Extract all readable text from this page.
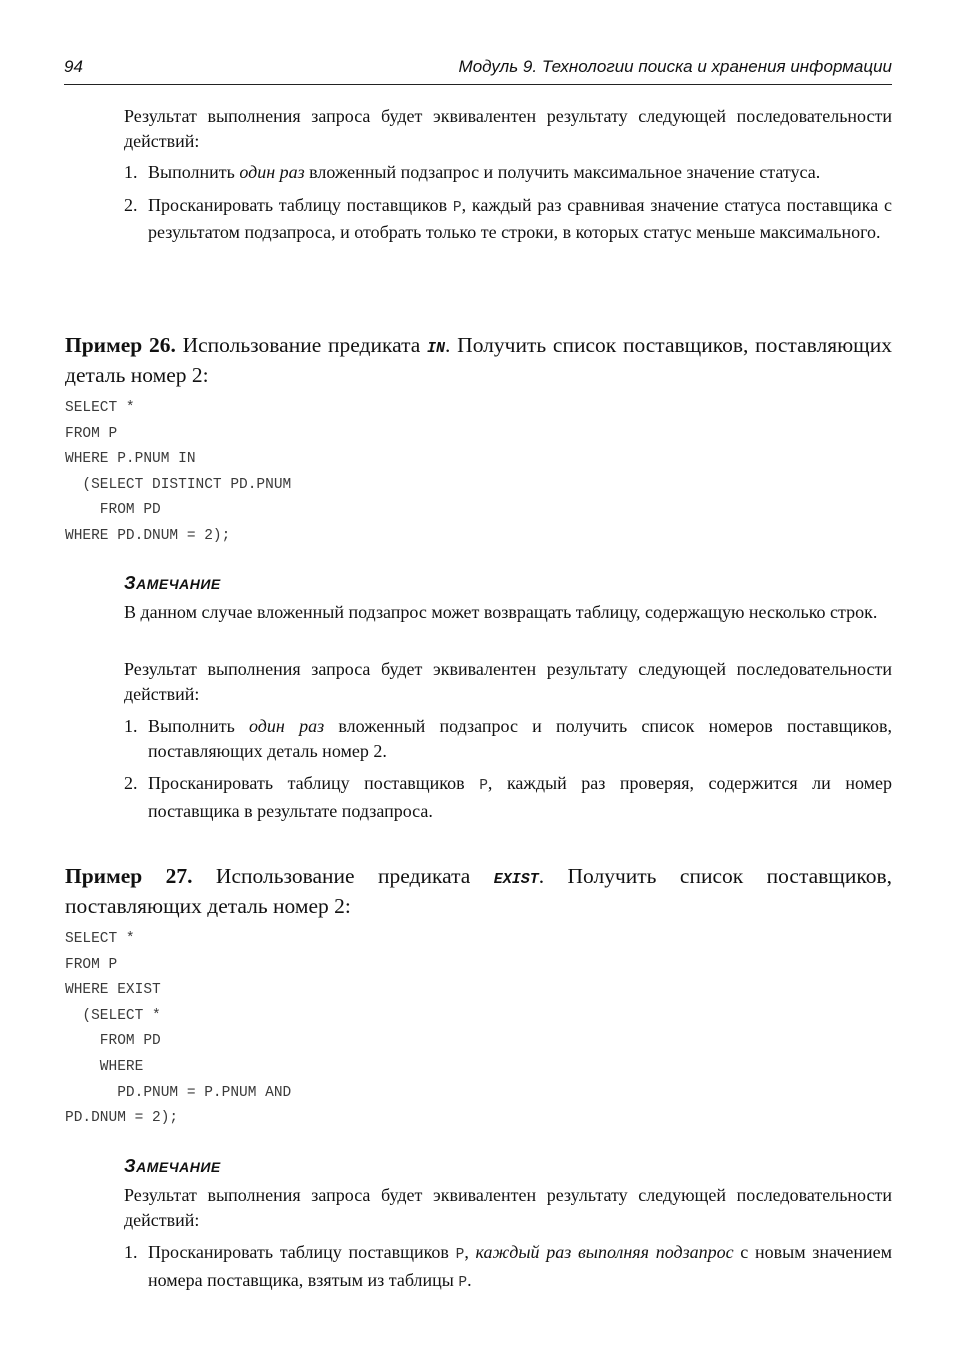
94	Модуль 9. Технологии поиска и хранения информации

Результат выполнения запроса будет эквивалентен результату следующей последовательности действий:

1. Выполнить один раз вложенный подзапрос и получить максимальное значение статуса.
2. Просканировать таблицу поставщиков P, каждый раз сравнивая значение статуса поставщика с результатом подзапроса, и отобрать только те строки, в которых статус меньше максимального.

Пример 26. Использование предиката IN. Получить список поставщиков, поставляющих деталь номер 2:

SELECT *
FROM P
WHERE P.PNUM IN
(SELECT DISTINCT PD.PNUM
FROM PD
WHERE PD.DNUM = 2);
ЗАМЕЧАНИЕ

В данном случае вложенный подзапрос может возвращать таблицу, содержащую несколько строк.

Результат выполнения запроса будет эквивалентен результату следующей последовательности действий:

1. Выполнить один раз вложенный подзапрос и получить список номеров поставщиков, поставляющих деталь номер 2.
2. Просканировать таблицу поставщиков P, каждый раз проверяя, содержится ли номер поставщика в результате подзапроса.

Пример 27. Использование предиката EXIST. Получить список поставщиков, поставляющих деталь номер 2:

SELECT *
FROM P
WHERE EXIST
(SELECT *
FROM PD
WHERE
PD.PNUM = P.PNUM AND
PD.DNUM = 2);
ЗАМЕЧАНИЕ

Результат выполнения запроса будет эквивалентен результату следующей последовательности действий:

1. Просканировать таблицу поставщиков P, каждый раз выполняя подзапрос с новым значением номера поставщика, взятым из таблицы P.
